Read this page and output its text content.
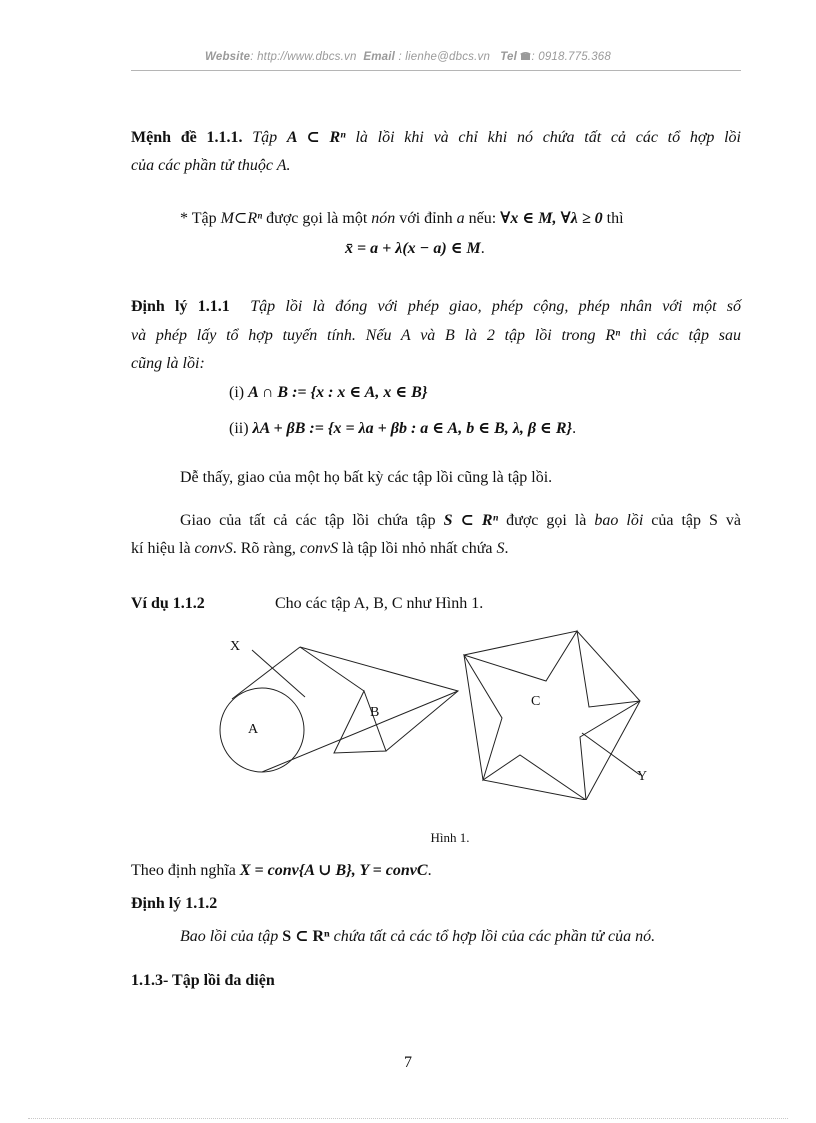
Website: http://www.dbcs.vn Email : lienhe@dbcs.vn Tel : 0918.775.368
Mệnh đề 1.1.1. Tập A ⊂ Rⁿ là lồi khi và chỉ khi nó chứa tất cả các tổ hợp lồi
của các phần tử thuộc A.
* Tập M⊂Rⁿ được gọi là một nón với đỉnh a nếu: ∀x ∈ M, ∀λ ≥ 0 thì
x̄ = a + λ(x − a) ∈ M.
Định lý 1.1.1 Tập lồi là đóng với phép giao, phép cộng, phép nhân với một số
và phép lấy tổ hợp tuyến tính. Nếu A và B là 2 tập lồi trong Rⁿ thì các tập sau
cũng là lồi:
(i) A ∩ B := {x : x ∈ A, x ∈ B}
(ii) λA + βB := {x = λa + βb : a ∈ A, b ∈ B, λ, β ∈ R}.
Dễ thấy, giao của một họ bất kỳ các tập lồi cũng là tập lồi.
Giao của tất cả các tập lồi chứa tập S ⊂ Rⁿ được gọi là bao lồi của tập S và
kí hiệu là convS. Rõ ràng, convS là tập lồi nhỏ nhất chứa S.
Ví dụ 1.1.2	Cho các tập A, B, C như Hình 1.
X
A
B
C
Y
Hình 1.
Theo định nghĩa X = conv{A ∪ B}, Y = convC.
Định lý 1.1.2
Bao lồi của tập S ⊂ Rⁿ chứa tất cả các tổ hợp lồi của các phần tử của nó.
1.1.3- Tập lồi đa diện
7
